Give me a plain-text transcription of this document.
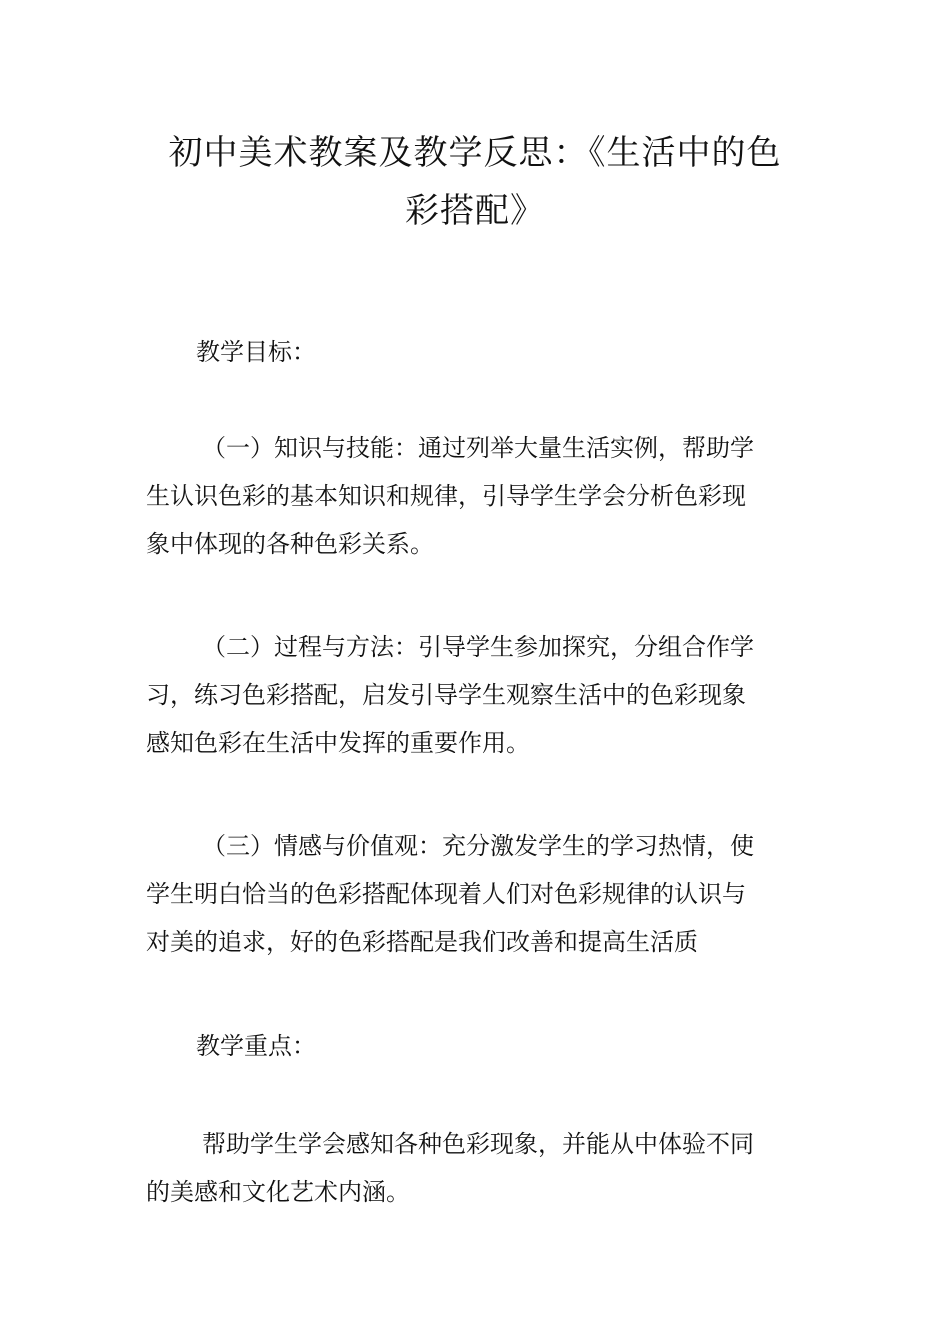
初中美术教案及教学反思：《生活中的色
彩搭配》

教学目标：

（一）知识与技能：通过列举大量生活实例，帮助学
生认识色彩的基本知识和规律，引导学生学会分析色彩现
象中体现的各种色彩关系。

（二）过程与方法：引导学生参加探究，分组合作学
习，练习色彩搭配，启发引导学生观察生活中的色彩现象
感知色彩在生活中发挥的重要作用。

（三）情感与价值观：充分激发学生的学习热情，使
学生明白恰当的色彩搭配体现着人们对色彩规律的认识与
对美的追求，好的色彩搭配是我们改善和提高生活质

教学重点：

帮助学生学会感知各种色彩现象，并能从中体验不同
的美感和文化艺术内涵。
